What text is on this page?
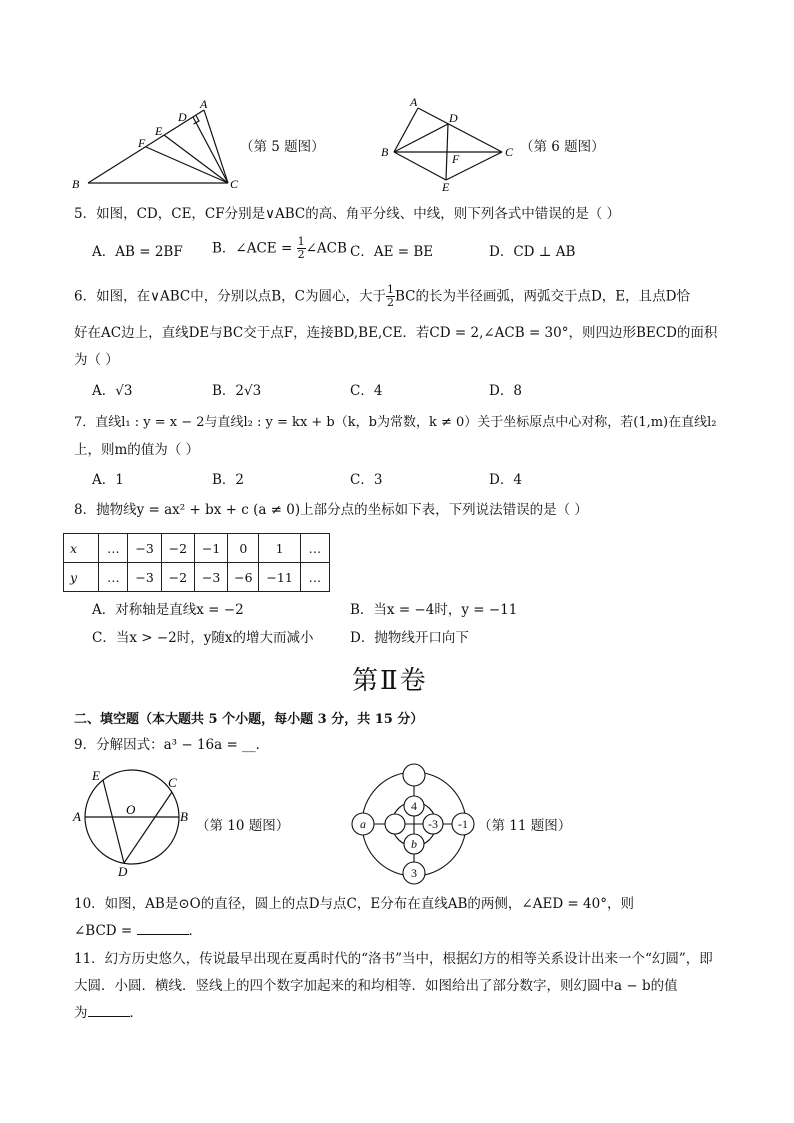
B	C
A
D
E
F	（第 5 题图）
A
B	C
D
E
F
（第 6 题图）
5．如图，CD，CE，CF分别是∨ABC的高、角平分线、中线，则下列各式中错误的是（ ）
A．AB = 2BF B．∠ACE = $\frac{1}{2}$ ∠ACB C．AE = BE	D．CD ⊥ AB
6．如图，在∨ABC中，分别以点B，C为圆心，大于 $\frac{1}{2}$ BC的长为半径画弧，两弧交于点D，E，且点D恰
好在AC边上，直线DE与BC交于点F，连接BD,BE,CE．若CD = 2,∠ACB = 30°，则四边形BECD的面积
为（ ）
A．√3	B．2√3	C．4	D．8
7．直线l₁ : y = x − 2与直线l₂ : y = kx + b（k，b为常数，k ≠ 0）关于坐标原点中心对称，若(1,m)在直线l₂
上，则m的值为（ ）
A．1	B．2	C．3	D．4
8．抛物线y = ax² + bx + c (a ≠ 0)上部分点的坐标如下表，下列说法错误的是（ ）
x	…	−3	−2	−1	0	1	…
y	…	−3	−2	−3	−6	−11	…
A．对称轴是直线x = −2	B．当x = −4时，y = −11
C．当x > −2时，y随x的增大而减小	D．抛物线开口向下
第Ⅱ卷
二、填空题（本大题共 5 个小题，每小题 3 分，共 15 分）
9．分解因式：a³ − 16a = __．
A	B
E	C
D
O
（第 10 题图）
4
a	-3 -1
b
3
（第 11 题图）
10．如图，AB是⊙O的直径，圆上的点D与点C，E分布在直线AB的两侧，∠AED = 40°，则
∠BCD =	．
11．幻方历史悠久，传说最早出现在夏禹时代的“洛书”当中，根据幻方的相等关系设计出来一个“幻圆”，即
大圆．小圆．横线．竖线上的四个数字加起来的和均相等．如图给出了部分数字，则幻圆中a − b的值
为	．
